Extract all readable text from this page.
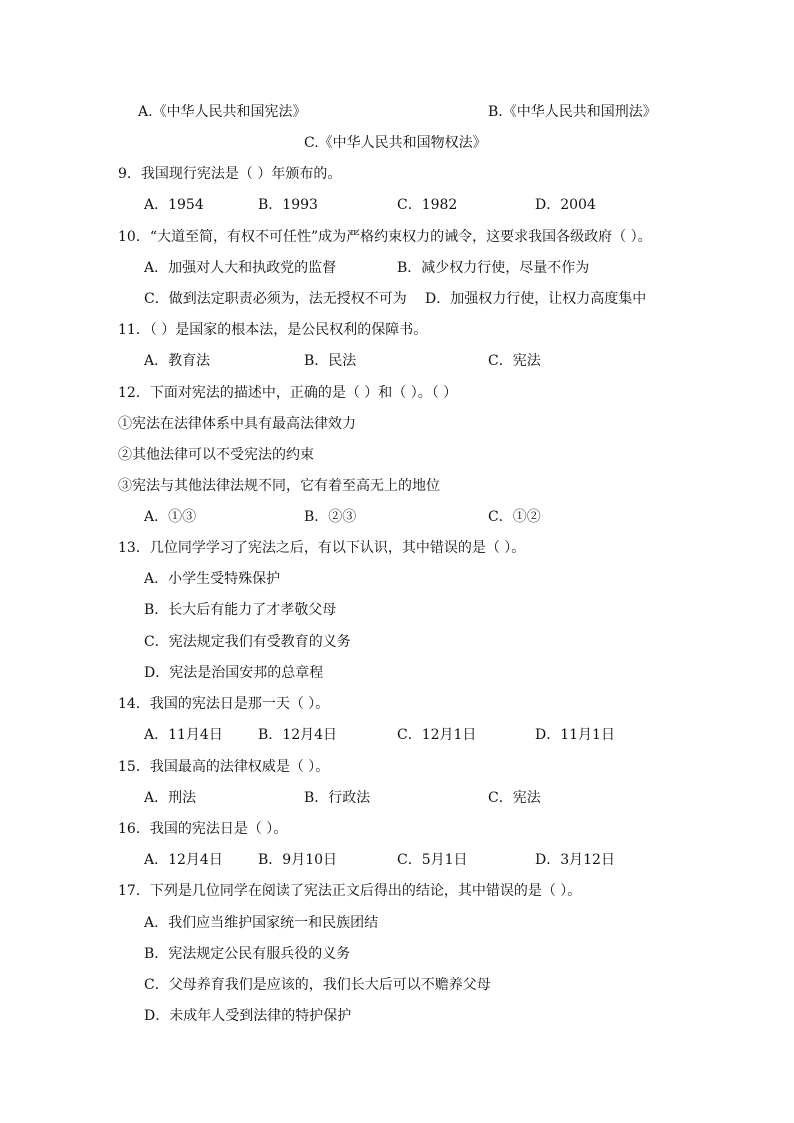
A.《中华人民共和国宪法》	B.《中华人民共和国刑法》
C.《中华人民共和国物权法》
9．我国现行宪法是（ ）年颁布的。
A．1954	B．1993	C．1982	D．2004
10．“大道至简，有权不可任性”成为严格约束权力的诫令，这要求我国各级政府（ ）。
A．加强对人大和执政党的监督	B．减少权力行使，尽量不作为
C．做到法定职责必须为，法无授权不可为 D．加强权力行使，让权力高度集中
11．（ ）是国家的根本法，是公民权利的保障书。
A．教育法	B．民法	C．宪法
12．下面对宪法的描述中，正确的是（ ）和（ ）。（ ）
①宪法在法律体系中具有最高法律效力
②其他法律可以不受宪法的约束
③宪法与其他法律法规不同，它有着至高无上的地位
A．①③	B．②③	C．①②
13．几位同学学习了宪法之后，有以下认识，其中错误的是（ ）。
A．小学生受特殊保护
B．长大后有能力了才孝敬父母
C．宪法规定我们有受教育的义务
D．宪法是治国安邦的总章程
14．我国的宪法日是那一天（ ）。
A．11月4日	B．12月4日	C．12月1日	D．11月1日
15．我国最高的法律权威是（ ）。
A．刑法	B．行政法	C．宪法
16．我国的宪法日是（ ）。
A．12月4日	B．9月10日	C．5月1日	D．3月12日
17．下列是几位同学在阅读了宪法正文后得出的结论，其中错误的是（ ）。
A．我们应当维护国家统一和民族团结
B．宪法规定公民有服兵役的义务
C．父母养育我们是应该的，我们长大后可以不赡养父母
D．未成年人受到法律的特护保护
